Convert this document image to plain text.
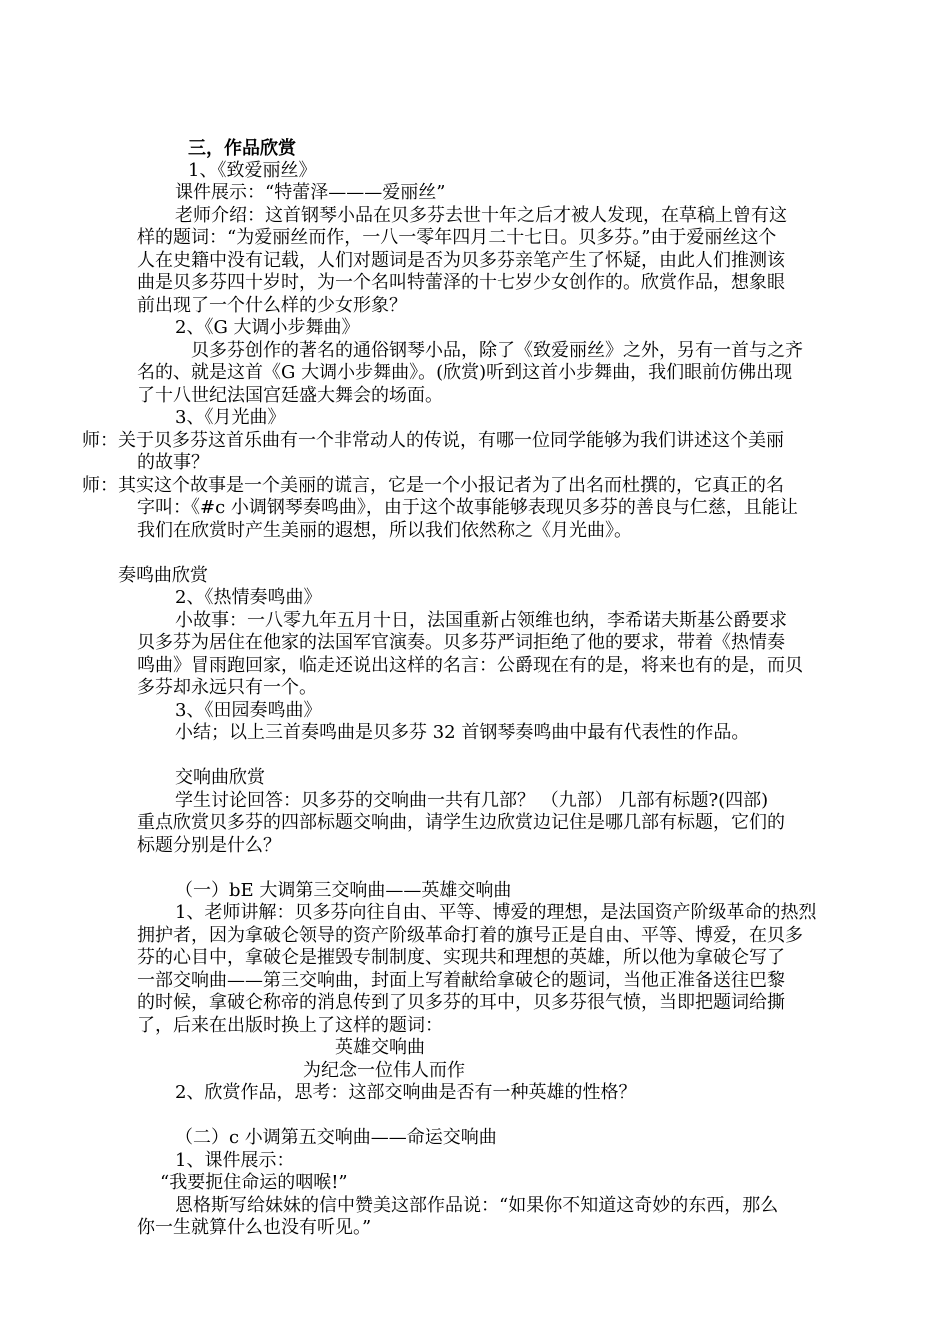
三，作品欣赏
1、《致爱丽丝》
课件展示：“特蕾泽———爱丽丝”
老师介绍：这首钢琴小品在贝多芬去世十年之后才被人发现，在草稿上曾有这
样的题词：“为爱丽丝而作，一八一零年四月二十七日。贝多芬。”由于爱丽丝这个
人在史籍中没有记载，人们对题词是否为贝多芬亲笔产生了怀疑，由此人们推测该
曲是贝多芬四十岁时，为一个名叫特蕾泽的十七岁少女创作的。欣赏作品，想象眼
前出现了一个什么样的少女形象？
2、《G 大调小步舞曲》
贝多芬创作的著名的通俗钢琴小品，除了《致爱丽丝》之外，另有一首与之齐
名的、就是这首《G 大调小步舞曲》。(欣赏)听到这首小步舞曲，我们眼前仿佛出现
了十八世纪法国宫廷盛大舞会的场面。
3、《月光曲》
师：关于贝多芬这首乐曲有一个非常动人的传说，有哪一位同学能够为我们讲述这个美丽
的故事？
师：其实这个故事是一个美丽的谎言，它是一个小报记者为了出名而杜撰的，它真正的名
字叫：《#c 小调钢琴奏鸣曲》，由于这个故事能够表现贝多芬的善良与仁慈，且能让
我们在欣赏时产生美丽的遐想，所以我们依然称之《月光曲》。
奏鸣曲欣赏
2、《热情奏鸣曲》
小故事：一八零九年五月十日，法国重新占领维也纳，李希诺夫斯基公爵要求
贝多芬为居住在他家的法国军官演奏。贝多芬严词拒绝了他的要求，带着《热情奏
鸣曲》冒雨跑回家，临走还说出这样的名言：公爵现在有的是，将来也有的是，而贝
多芬却永远只有一个。
3、《田园奏鸣曲》
小结；以上三首奏鸣曲是贝多芬 32 首钢琴奏鸣曲中最有代表性的作品。
交响曲欣赏
学生讨论回答：贝多芬的交响曲一共有几部？ （九部） 几部有标题?(四部)
重点欣赏贝多芬的四部标题交响曲，请学生边欣赏边记住是哪几部有标题，它们的
标题分别是什么？
（一）bE 大调第三交响曲——英雄交响曲
1、老师讲解：贝多芬向往自由、平等、博爱的理想，是法国资产阶级革命的热烈
拥护者，因为拿破仑领导的资产阶级革命打着的旗号正是自由、平等、博爱，在贝多
芬的心目中，拿破仑是摧毁专制制度、实现共和理想的英雄，所以他为拿破仑写了
一部交响曲——第三交响曲，封面上写着献给拿破仑的题词，当他正准备送往巴黎
的时候，拿破仑称帝的消息传到了贝多芬的耳中，贝多芬很气愤，当即把题词给撕
了，后来在出版时换上了这样的题词：
英雄交响曲
为纪念一位伟人而作
2、欣赏作品，思考：这部交响曲是否有一种英雄的性格？
（二）c 小调第五交响曲——命运交响曲
1、课件展示：
“我要扼住命运的咽喉!”
恩格斯写给妹妹的信中赞美这部作品说：“如果你不知道这奇妙的东西，那么
你一生就算什么也没有听见。”
